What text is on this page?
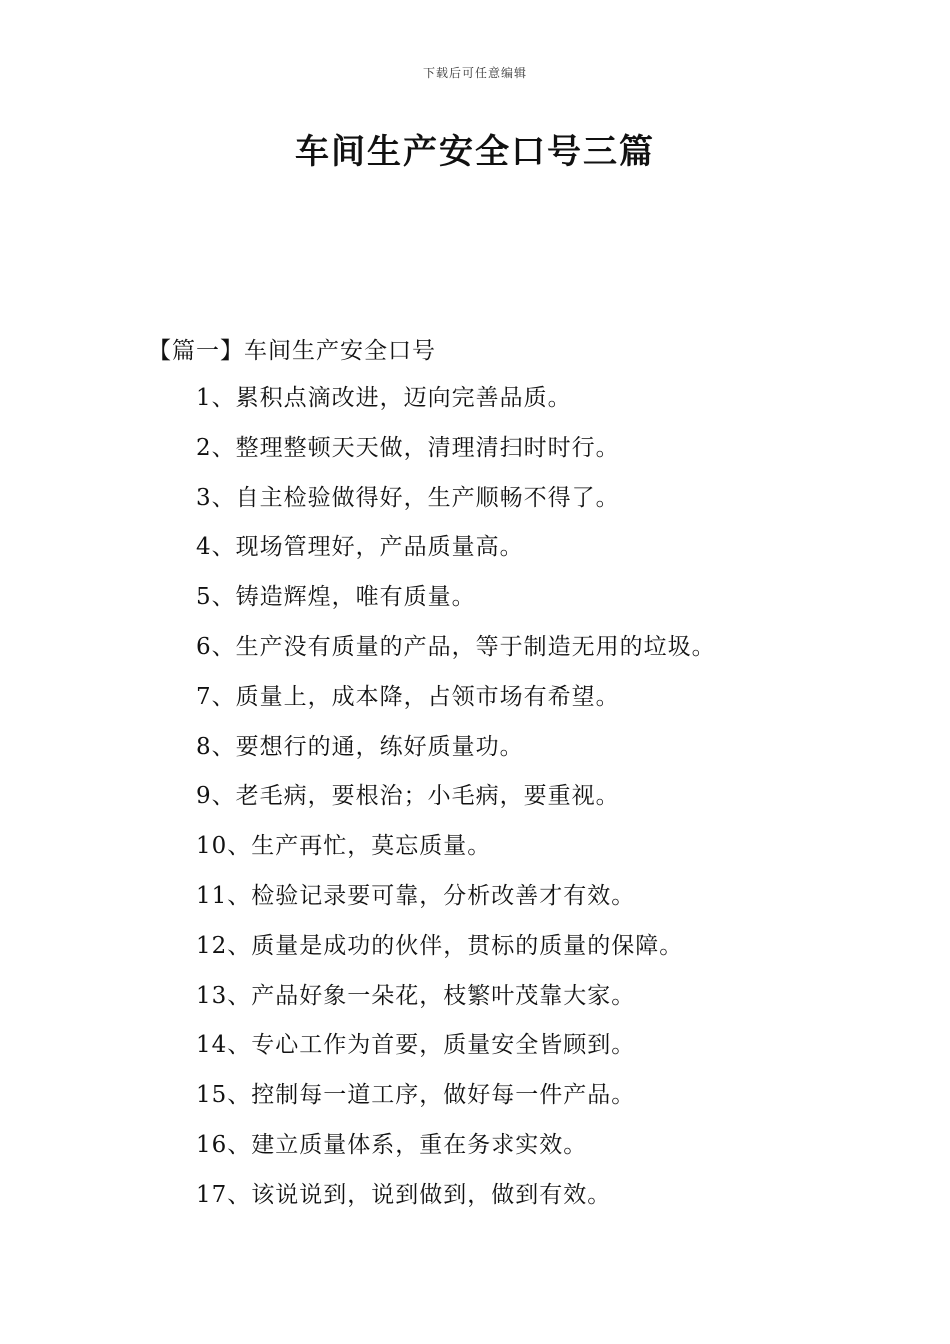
下载后可任意编辑
车间生产安全口号三篇
【篇一】车间生产安全口号
1、累积点滴改进，迈向完善品质。
2、整理整顿天天做，清理清扫时时行。
3、自主检验做得好，生产顺畅不得了。
4、现场管理好，产品质量高。
5、铸造辉煌，唯有质量。
6、生产没有质量的产品，等于制造无用的垃圾。
7、质量上，成本降，占领市场有希望。
8、要想行的通，练好质量功。
9、老毛病，要根治；小毛病，要重视。
10、生产再忙，莫忘质量。
11、检验记录要可靠，分析改善才有效。
12、质量是成功的伙伴，贯标的质量的保障。
13、产品好象一朵花，枝繁叶茂靠大家。
14、专心工作为首要，质量安全皆顾到。
15、控制每一道工序，做好每一件产品。
16、建立质量体系，重在务求实效。
17、该说说到，说到做到，做到有效。
